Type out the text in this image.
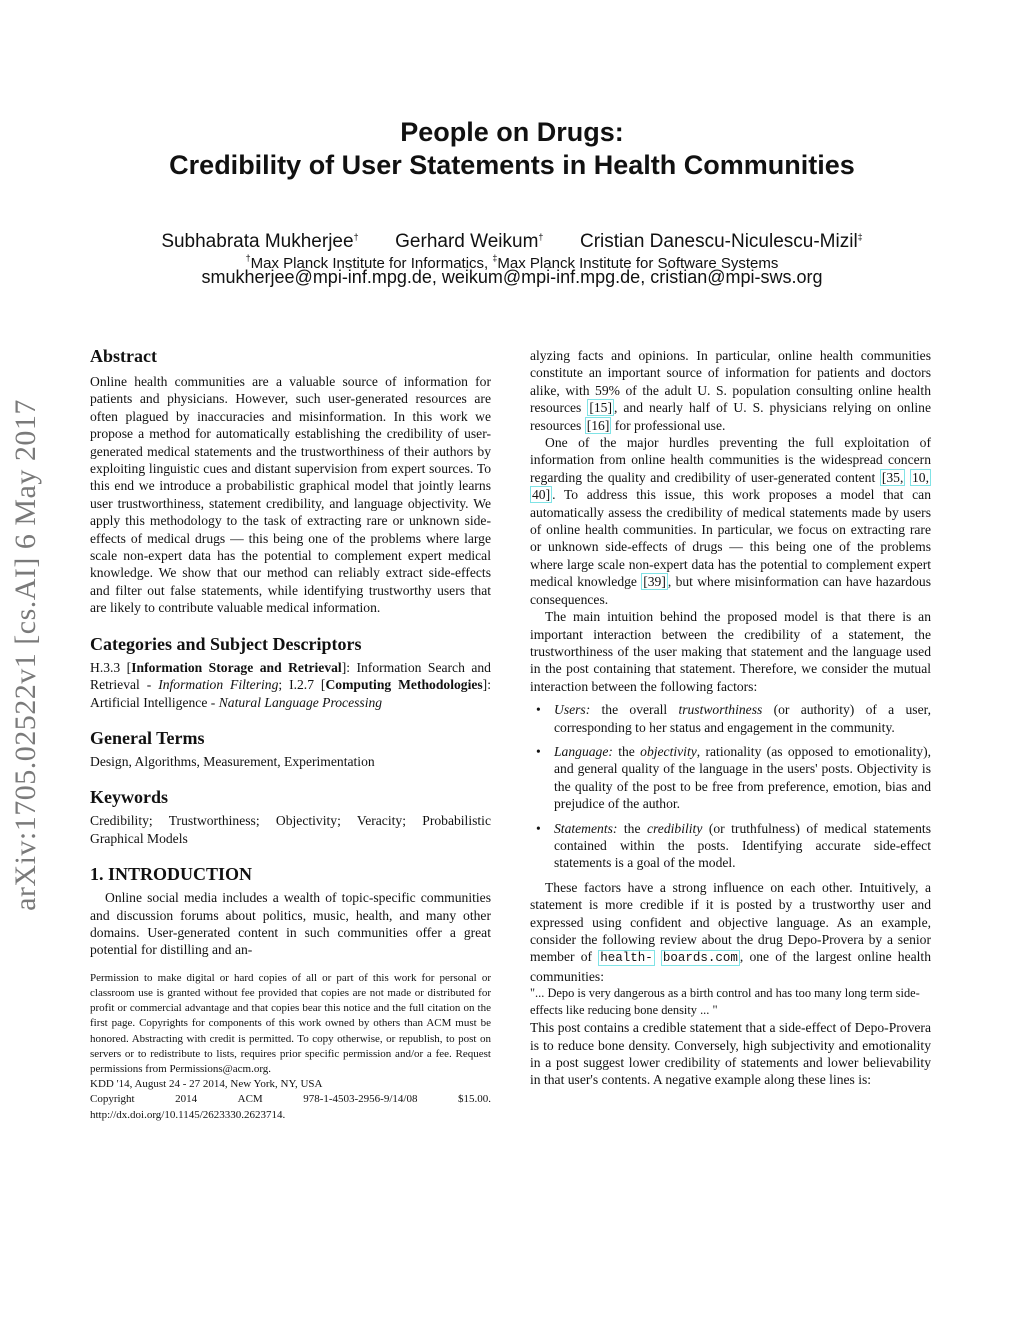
arXiv:1705.02522v1 [cs.AI] 6 May 2017
People on Drugs:
Credibility of User Statements in Health Communities
Subhabrata Mukherjee† Gerhard Weikum† Cristian Danescu-Niculescu-Mizil‡
†Max Planck Institute for Informatics, ‡Max Planck Institute for Software Systems
smukherjee@mpi-inf.mpg.de, weikum@mpi-inf.mpg.de, cristian@mpi-sws.org
Abstract

Online health communities are a valuable source of information for patients and physicians. However, such user-generated resources are often plagued by inaccuracies and misinformation. In this work we propose a method for automatically establishing the credibility of user-generated medical statements and the trustworthiness of their authors by exploiting linguistic cues and distant supervision from expert sources. To this end we introduce a probabilistic graphical model that jointly learns user trustworthiness, statement credibility, and language objectivity. We apply this methodology to the task of extracting rare or unknown side-effects of medical drugs — this being one of the problems where large scale non-expert data has the potential to complement expert medical knowledge. We show that our method can reliably extract side-effects and filter out false statements, while identifying trustworthy users that are likely to contribute valuable medical information.

Categories and Subject Descriptors

H.3.3 [Information Storage and Retrieval]: Information Search and Retrieval - Information Filtering; I.2.7 [Computing Methodologies]: Artificial Intelligence - Natural Language Processing

General Terms

Design, Algorithms, Measurement, Experimentation

Keywords

Credibility; Trustworthiness; Objectivity; Veracity; Probabilistic Graphical Models

1. INTRODUCTION

Online social media includes a wealth of topic-specific communities and discussion forums about politics, music, health, and many other domains. User-generated content in such communities offer a great potential for distilling and an-

Permission to make digital or hard copies of all or part of this work for personal or classroom use is granted without fee provided that copies are not made or distributed for profit or commercial advantage and that copies bear this notice and the full citation on the first page. Copyrights for components of this work owned by others than ACM must be honored. Abstracting with credit is permitted. To copy otherwise, or republish, to post on servers or to redistribute to lists, requires prior specific permission and/or a fee. Request permissions from Permissions@acm.org.

KDD '14, August 24 - 27 2014, New York, NY, USA
Copyright	2014	ACM	978-1-4503-2956-9/14/08	$15.00.
http://dx.doi.org/10.1145/2623330.2623714.

alyzing facts and opinions. In particular, online health communities constitute an important source of information for patients and doctors alike, with 59% of the adult U. S. population consulting online health resources [15] , and nearly half of U. S. physicians relying on online resources [16] for professional use.

One of the major hurdles preventing the full exploitation of information from online health communities is the widespread concern regarding the quality and credibility of user-generated content [35, 10, 40] . To address this issue, this work proposes a model that can automatically assess the credibility of medical statements made by users of online health communities. In particular, we focus on extracting rare or unknown side-effects of drugs — this being one of the problems where large scale non-expert data has the potential to complement expert medical knowledge [39] , but where misinformation can have hazardous consequences.

The main intuition behind the proposed model is that there is an important interaction between the credibility of a statement, the trustworthiness of the user making that statement and the language used in the post containing that statement. Therefore, we consider the mutual interaction between the following factors:

• Users: the overall trustworthiness (or authority) of a user, corresponding to her status and engagement in the community.
• Language: the objectivity, rationality (as opposed to emotionality), and general quality of the language in the users' posts. Objectivity is the quality of the post to be free from preference, emotion, bias and prejudice of the author.
• Statements: the credibility (or truthfulness) of medical statements contained within the posts. Identifying accurate side-effect statements is a goal of the model.

These factors have a strong influence on each other. Intuitively, a statement is more credible if it is posted by a trustworthy user and expressed using confident and objective language. As an example, consider the following review about the drug Depo-Provera by a senior member of health- boards.com , one of the largest online health communities:

"... Depo is very dangerous as a birth control and has too many long term side-effects like reducing bone density ... "

This post contains a credible statement that a side-effect of Depo-Provera is to reduce bone density. Conversely, high subjectivity and emotionality in a post suggest lower credibility of statements and lower believability in that user's contents. A negative example along these lines is:
